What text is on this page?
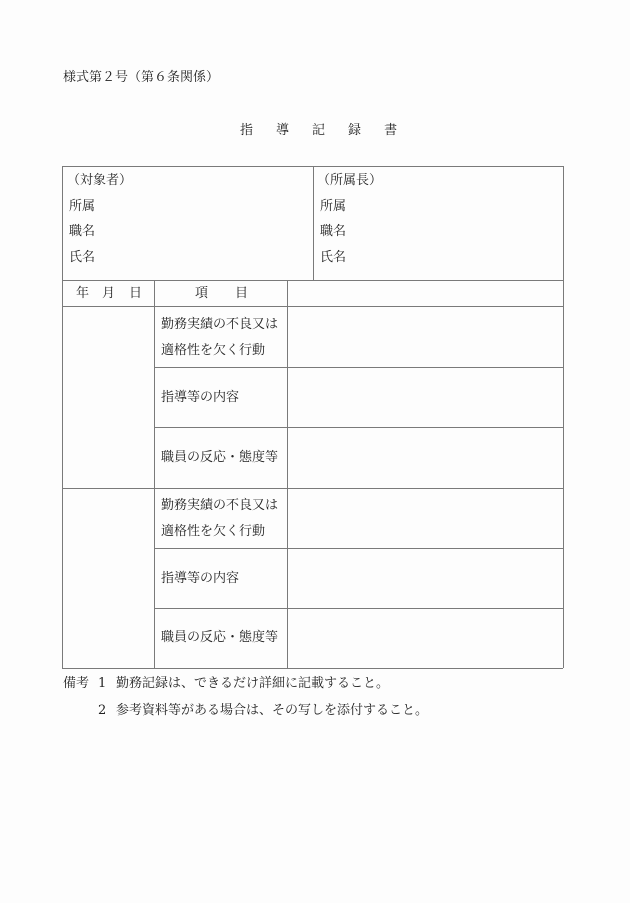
様式第２号（第６条関係）
指 導 記 録 書
（対象者）
所属
職名
氏名
（所属長）
所属
職名
氏名
年 月 日	項 目
勤務実績の不良又は
適格性を欠く行動
指導等の内容
職員の反応・態度等
勤務実績の不良又は
適格性を欠く行動
指導等の内容
職員の反応・態度等
備考 1 勤務記録は、できるだけ詳細に記載すること。
2 参考資料等がある場合は、その写しを添付すること。
